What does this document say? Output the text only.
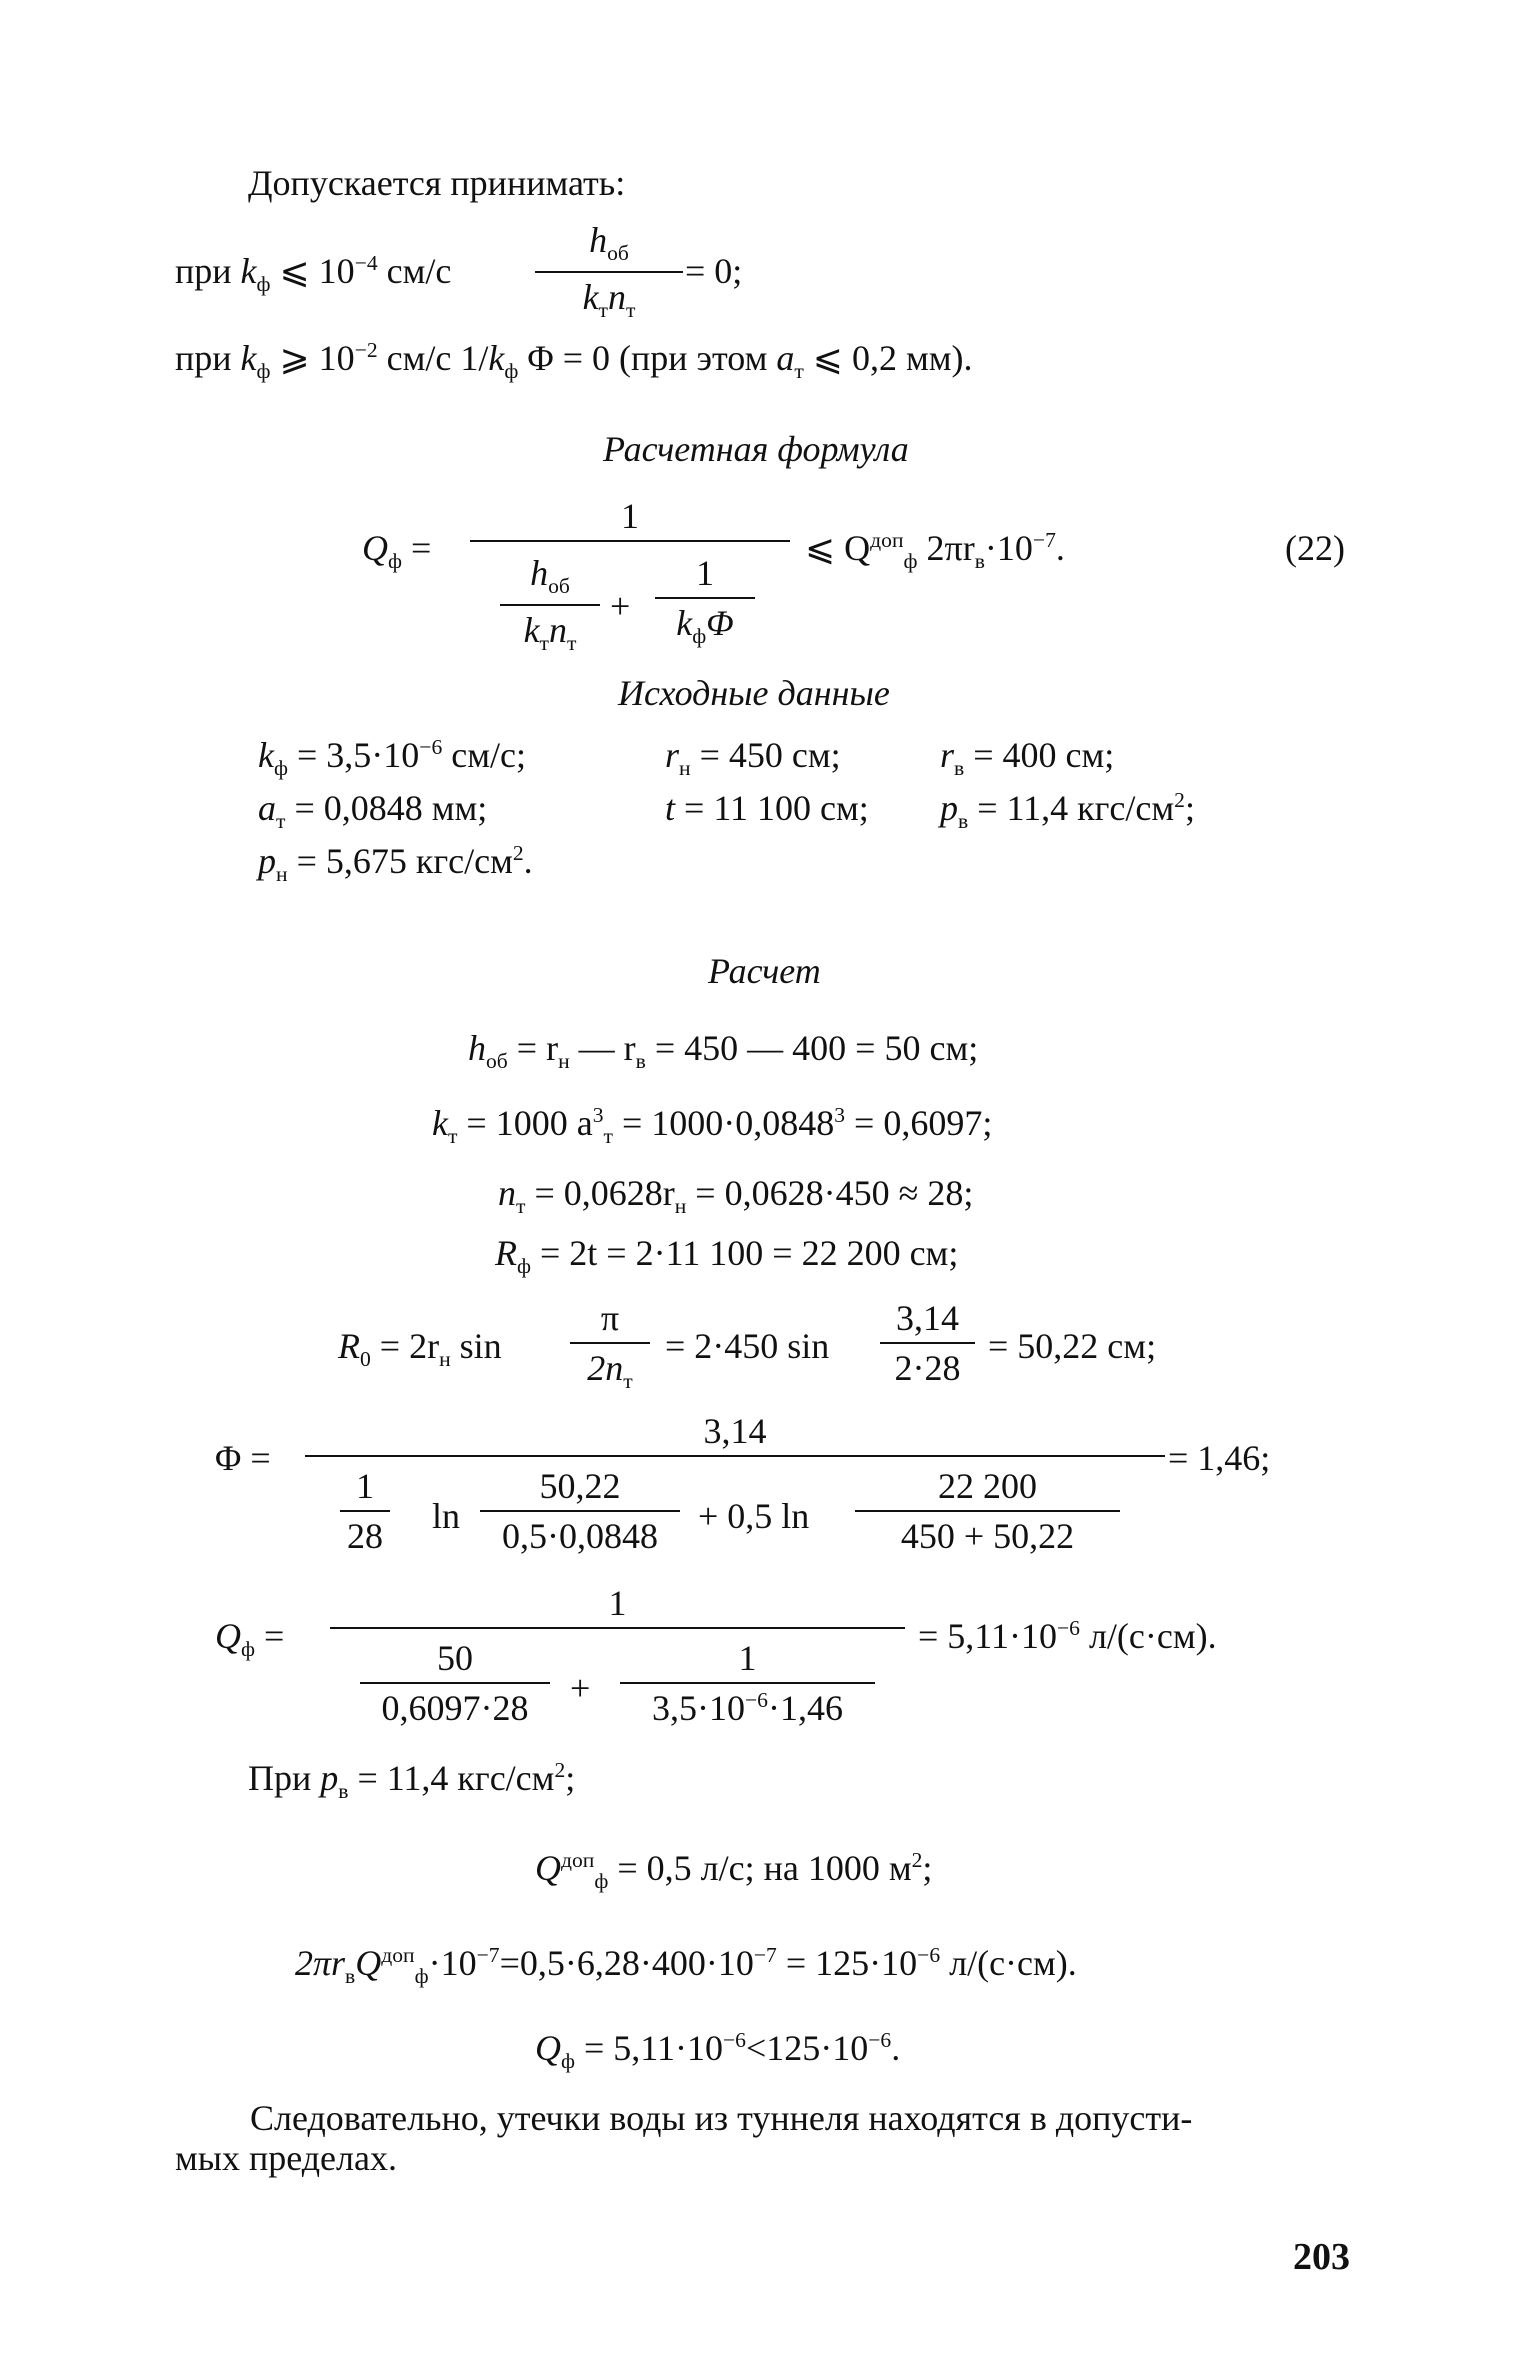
Допускается принимать:
при $k_ф$ ⩽ $10^{-4}$ см/с
$h_{об}$
$k_тn_т$
= 0;
при $k_ф$ ⩾ $10^{-2}$ см/с $1/k_ф$ Φ = 0 (при этом $a_т$ ⩽ 0,2 мм).
Расчетная формула
$Q_ф$ =
1
$h_{об}$
$k_тn_т$
+
1
$k_ф\Phi$
⩽ $Q^{доп}_ф$ $2\pi r_в\cdot 10^{-7}$.	(22)
Исходные данные
$k_ф = 3,5\cdot 10^{-6}$ см/с;	$r_н = 450$ см;	$r_в = 400$ см;
$a_т = 0,0848$ мм;	t = 11 100 см; $p_в = 11,4$ кгс/$см^2$;
$p_н = 5,675$ кгс/$см^2$.
Расчет
$h_{об} = r_н$ — $r_в = 450$ — 400 = 50 см;
$k_т = 1000$ $a^3_т = 1000\cdot 0,0848^3 = 0,6097$;
$n_т = 0,0628r_н = 0,0628\cdot 450 \approx 28$;
$R_ф = 2t = 2\cdot 11$ 100 = 22 200 см;
$R_0 = 2r_н$ sin
π
$2n_т$
= 2·450 sin
3,14
2·28
= 50,22 см;
Φ =
3,14
1
28 ln
50,22
0,5·0,0848	+ 0,5 ln
22 200
450 + 50,22
= 1,46;
$Q_ф$ =
1
50
0,6097·28	+
1
$3,5\cdot 10^{-6}\cdot 1,46$
= $5,11\cdot 10^{-6}$ л/(с·см).
При $p_в = 11,4$ кгс/$см^2$;
$Q^{доп}_ф = 0,5$ л/с; на 1000 $м^2$;
$2\pi r_вQ^{доп}_ф\cdot 10^{-7}=0,5\cdot 6,28\cdot 400\cdot 10^{-7} = 125\cdot 10^{-6}$ л/(с·см).
$Q_ф = 5,11\cdot 10^{-6}<125\cdot 10^{-6}$.
Следовательно, утечки воды из туннеля находятся в допусти-
мых пределах.
203
